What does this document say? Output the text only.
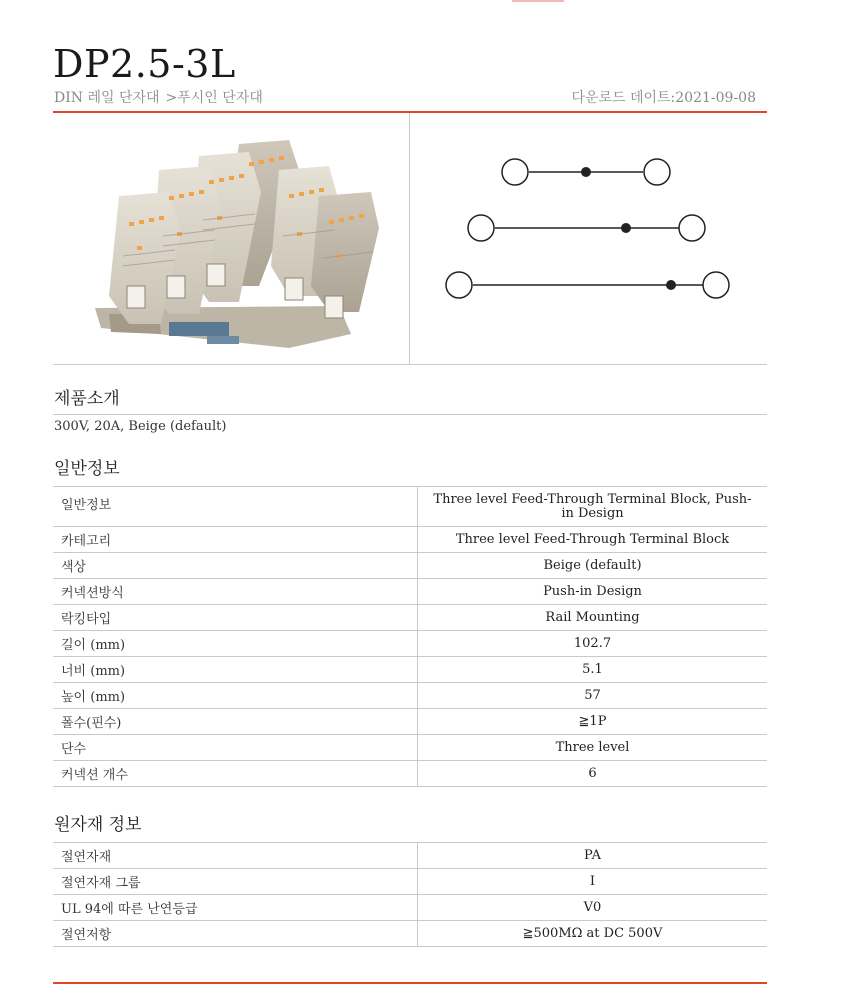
DP2.5-3L
DIN 레일 단자대 >푸시인 단자대	다운로드 데이트:2021-09-08
제품소개
300V, 20A, Beige (default)
일반정보
일반정보	Three level Feed-Through Terminal Block, Push-in Design
카테고리	Three level Feed-Through Terminal Block
색상	Beige (default)
커넥션방식	Push-in Design
락킹타입	Rail Mounting
길이 (mm)	102.7
너비 (mm)	5.1
높이 (mm)	57
폴수(핀수)	≧1P
단수	Three level
커넥션 개수	6
원자재 정보
절연자재	PA
절연자재 그룹	I
UL 94에 따른 난연등급	V0
절연저항	≧500MΩ at DC 500V
